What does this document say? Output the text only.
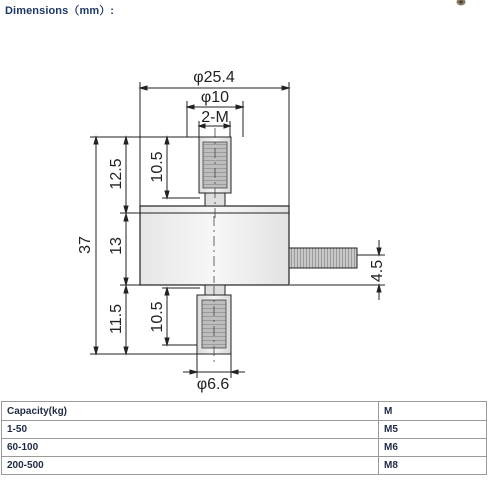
Dimensions（mm）:
φ25.4
φ10
2-M
37
12.5
13
11.5
10.5
10.5
4.5
φ6.6
Capacity(kg)	M
1-50	M5
60-100	M6
200-500	M8
